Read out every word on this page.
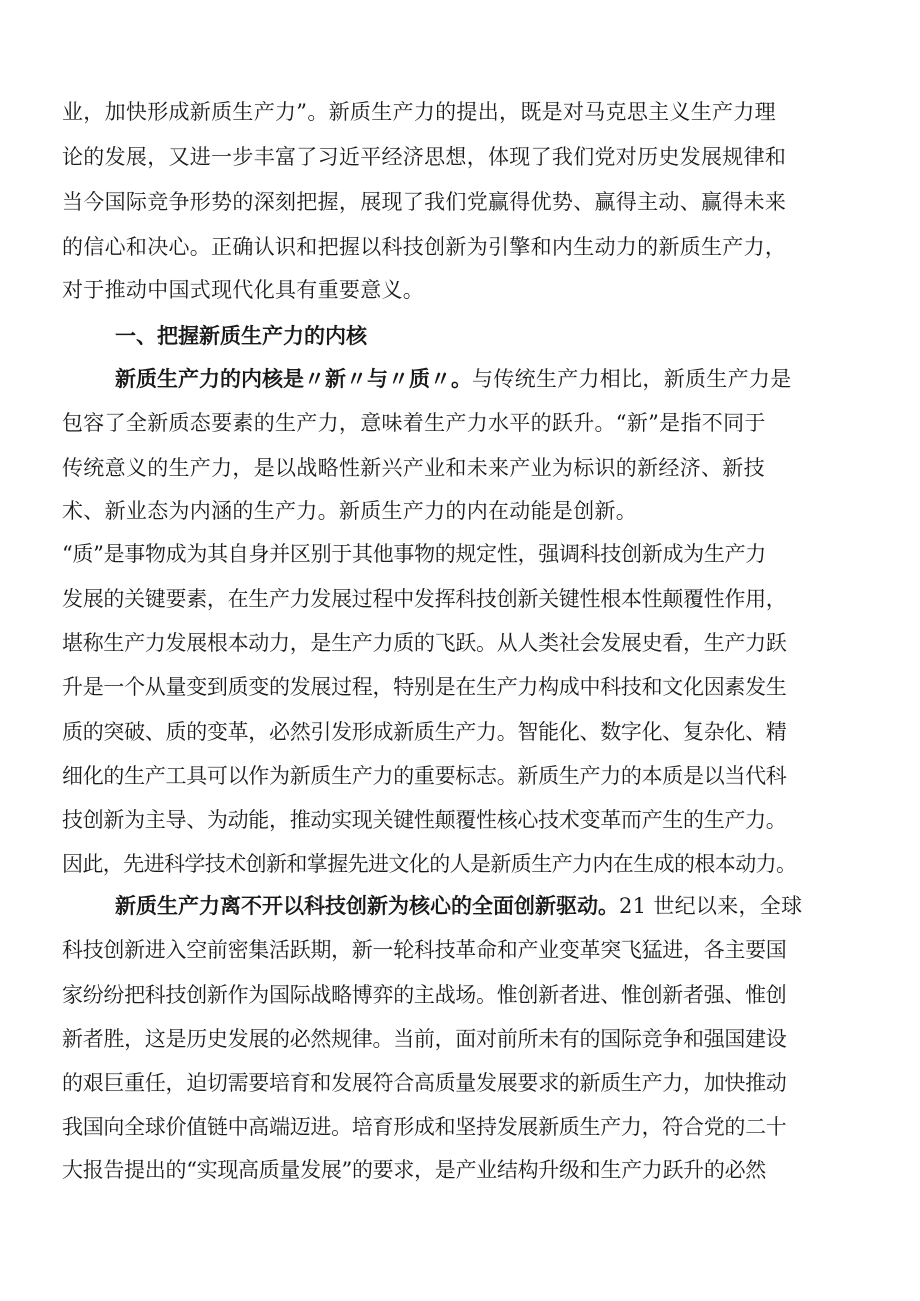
业，加快形成新质生产力”。新质生产力的提出，既是对马克思主义生产力理
论的发展，又进一步丰富了习近平经济思想，体现了我们党对历史发展规律和
当今国际竞争形势的深刻把握，展现了我们党赢得优势、赢得主动、赢得未来
的信心和决心。正确认识和把握以科技创新为引擎和内生动力的新质生产力，
对于推动中国式现代化具有重要意义。
一、把握新质生产力的内核
新质生产力的内核是〃新〃与〃质〃。与传统生产力相比，新质生产力是
包容了全新质态要素的生产力，意味着生产力水平的跃升。“新”是指不同于
传统意义的生产力，是以战略性新兴产业和未来产业为标识的新经济、新技
术、新业态为内涵的生产力。新质生产力的内在动能是创新。
“质”是事物成为其自身并区别于其他事物的规定性，强调科技创新成为生产力
发展的关键要素，在生产力发展过程中发挥科技创新关键性根本性颠覆性作用，
堪称生产力发展根本动力，是生产力质的飞跃。从人类社会发展史看，生产力跃
升是一个从量变到质变的发展过程，特别是在生产力构成中科技和文化因素发生
质的突破、质的变革，必然引发形成新质生产力。智能化、数字化、复杂化、精
细化的生产工具可以作为新质生产力的重要标志。新质生产力的本质是以当代科
技创新为主导、为动能，推动实现关键性颠覆性核心技术变革而产生的生产力。
因此，先进科学技术创新和掌握先进文化的人是新质生产力内在生成的根本动力。
新质生产力离不开以科技创新为核心的全面创新驱动。21 世纪以来，全球
科技创新进入空前密集活跃期，新一轮科技革命和产业变革突飞猛进，各主要国
家纷纷把科技创新作为国际战略博弈的主战场。惟创新者进、惟创新者强、惟创
新者胜，这是历史发展的必然规律。当前，面对前所未有的国际竞争和强国建设
的艰巨重任，迫切需要培育和发展符合高质量发展要求的新质生产力，加快推动
我国向全球价值链中高端迈进。培育形成和坚持发展新质生产力，符合党的二十
大报告提出的“实现高质量发展”的要求，是产业结构升级和生产力跃升的必然
